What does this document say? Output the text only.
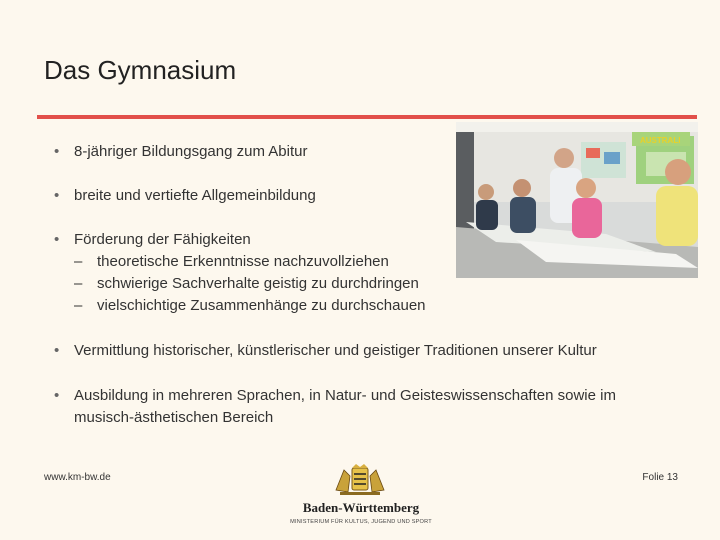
Das Gymnasium
AUSTRALI
• 8-jähriger Bildungsgang zum Abitur
• breite und vertiefte Allgemeinbildung
• Förderung der Fähigkeiten
– theoretische Erkenntnisse nachzuvollziehen
– schwierige Sachverhalte geistig zu durchdringen
– vielschichtige Zusammenhänge zu durchschauen
• Vermittlung historischer, künstlerischer und geistiger Traditionen unserer Kultur
• Ausbildung in mehreren Sprachen, in Natur- und Geisteswissenschaften sowie im musisch-ästhetischen Bereich
www.km-bw.de
Baden-Württemberg
MINISTERIUM FÜR KULTUS, JUGEND UND SPORT
Folie 13
